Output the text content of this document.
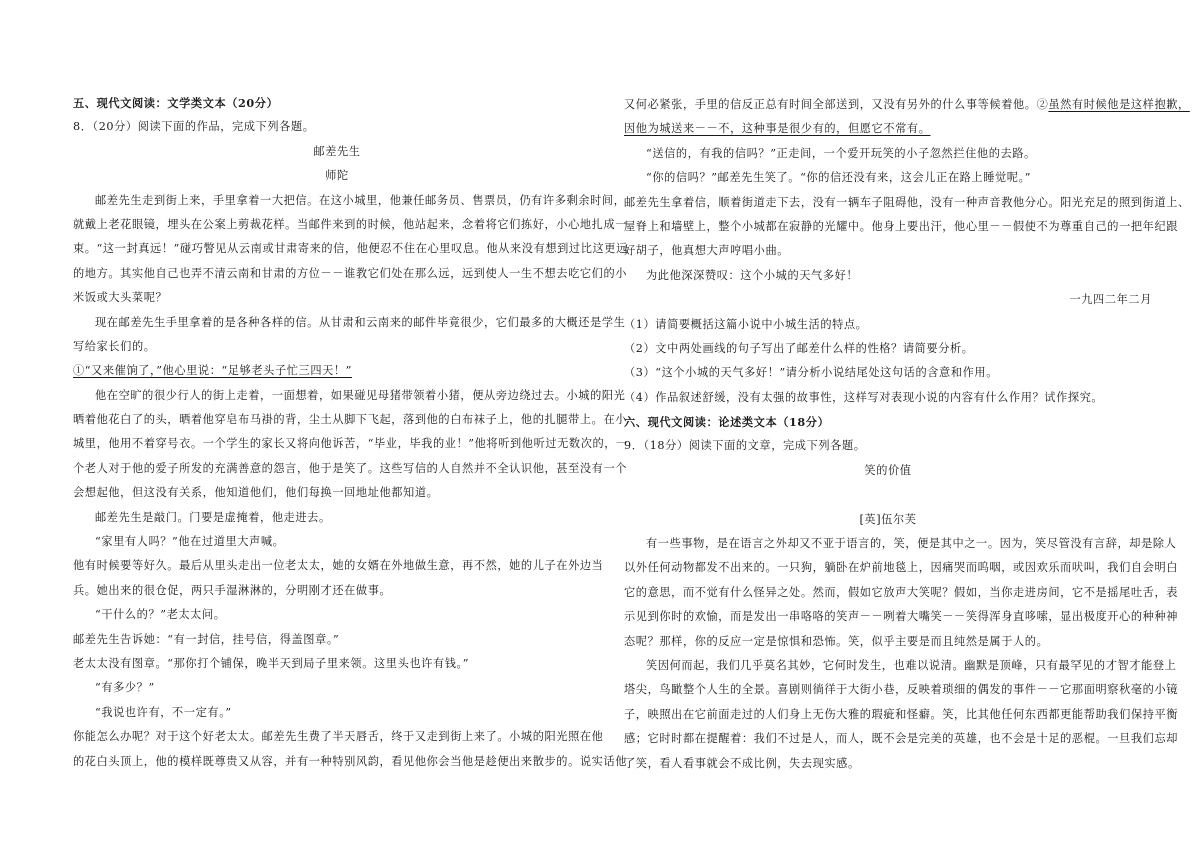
五、现代文阅读：文学类文本（20分）
8．（20分）阅读下面的作品，完成下列各题。
邮差先生
师陀
邮差先生走到街上来，手里拿着一大把信。在这小城里，他兼任邮务员、售票员，仍有许多剩余时间，
就戴上老花眼镜，埋头在公案上剪裁花样。当邮件来到的时候，他站起来，念着将它们拣好，小心地扎成一
束。“这一封真远！”碰巧瞥见从云南或甘肃寄来的信，他便忍不住在心里叹息。他从来没有想到过比这更远
的地方。其实他自己也弄不清云南和甘肃的方位－－谁教它们处在那么远，远到使人一生不想去吃它们的小
米饭或大头菜呢？
现在邮差先生手里拿着的是各种各样的信。从甘肃和云南来的邮件毕竟很少，它们最多的大概还是学生
写给家长们的。
①“又来催饷了，”他心里说：“足够老头子忙三四天！”
他在空旷的很少行人的街上走着，一面想着，如果碰见母猪带领着小猪，便从旁边绕过去。小城的阳光
晒着他花白了的头，晒着他穿皂布马褂的背，尘土从脚下飞起，落到他的白布袜子上，他的扎腿带上。在小
城里，他用不着穿号衣。一个学生的家长又将向他诉苦，“毕业，毕我的业！”他将听到他听过无数次的，一
个老人对于他的爱子所发的充满善意的怨言，他于是笑了。这些写信的人自然并不全认识他，甚至没有一个
会想起他，但这没有关系，他知道他们，他们每换一回地址他都知道。
邮差先生是敲门。门要是虚掩着，他走进去。
“家里有人吗？”他在过道里大声喊。
他有时候要等好久。最后从里头走出一位老太太，她的女婿在外地做生意，再不然，她的儿子在外边当
兵。她出来的很仓促，两只手湿淋淋的，分明刚才还在做事。
“干什么的？”老太太问。
邮差先生告诉她：“有一封信，挂号信，得盖图章。”
老太太没有图章。“那你打个铺保，晚半天到局子里来领。这里头也许有钱。”
“有多少？”
“我说也许有，不一定有。”
你能怎么办呢？对于这个好老太太。邮差先生费了半天唇舌，终于又走到街上来了。小城的阳光照在他
的花白头顶上，他的模样既尊贵又从容，并有一种特别风韵，看见他你会当他是趁便出来散步的。说实话他
又何必紧张，手里的信反正总有时间全部送到，又没有另外的什么事等候着他。②虽然有时候他是这样抱歉，
因他为城送来－－不，这种事是很少有的，但愿它不常有。
“送信的，有我的信吗？”正走间，一个爱开玩笑的小子忽然拦住他的去路。
“你的信吗？”邮差先生笑了。“你的信还没有来，这会儿正在路上睡觉呢。”
邮差先生拿着信，顺着街道走下去，没有一辆车子阻碍他，没有一种声音教他分心。阳光充足的照到街道上、
屋脊上和墙壁上，整个小城都在寂静的光耀中。他身上要出汗，他心里－－假使不为尊重自己的一把年纪跟
好胡子，他真想大声哼唱小曲。
为此他深深赞叹：这个小城的天气多好！
一九四二年二月
（1）请简要概括这篇小说中小城生活的特点。
（2）文中两处画线的句子写出了邮差什么样的性格？请简要分析。
（3）“这个小城的天气多好！”请分析小说结尾处这句话的含意和作用。
（4）作品叙述舒缓，没有太强的故事性，这样写对表现小说的内容有什么作用？试作探究。
六、现代文阅读：论述类文本（18分）
9．（18分）阅读下面的文章，完成下列各题。
笑的价值
[英]伍尔芙
有一些事物，是在语言之外却又不亚于语言的，笑，便是其中之一。因为，笑尽管没有言辞，却是除人
以外任何动物都发不出来的。一只狗，躺卧在炉前地毯上，因痛哭而呜咽，或因欢乐而吠叫，我们自会明白
它的意思，而不觉有什么怪异之处。然而，假如它放声大笑呢？假如，当你走进房间，它不是摇尾吐舌，表
示见到你时的欢愉，而是发出一串咯咯的笑声－－咧着大嘴笑－－笑得浑身直哆嗦，显出极度开心的种种神
态呢？那样，你的反应一定是惊惧和恐怖。笑，似乎主要是而且纯然是属于人的。
笑因何而起，我们几乎莫名其妙，它何时发生，也难以说清。幽默是顶峰，只有最罕见的才智才能登上
塔尖，鸟瞰整个人生的全景。喜剧则徜徉于大街小巷，反映着琐细的偶发的事件－－它那面明察秋毫的小镜
子，映照出在它前面走过的人们身上无伤大雅的瑕疵和怪癖。笑，比其他任何东西都更能帮助我们保持平衡
感；它时时都在提醒着：我们不过是人，而人，既不会是完美的英雄，也不会是十足的恶棍。一旦我们忘却
了笑，看人看事就会不成比例，失去现实感。
